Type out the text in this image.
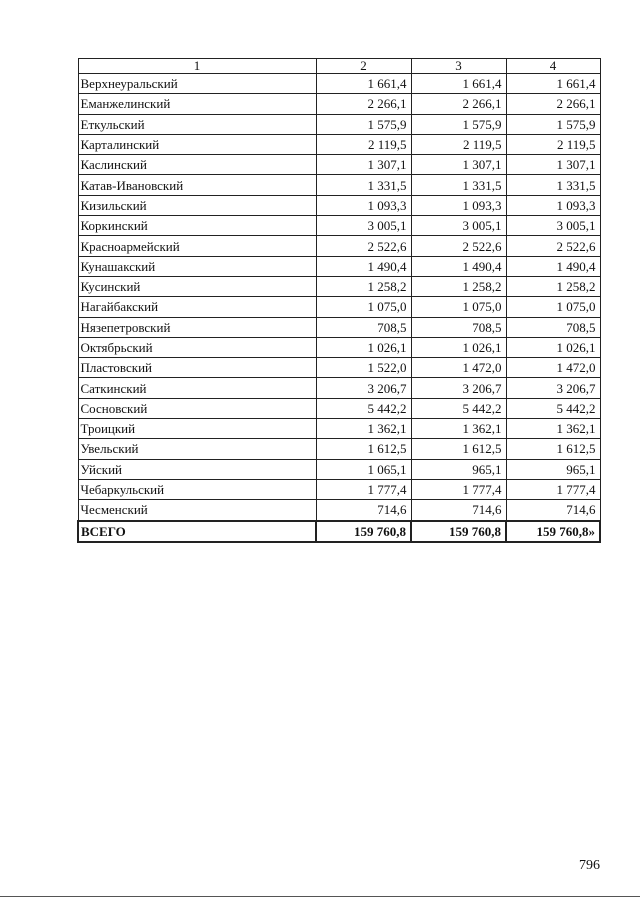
1	2	3	4
Верхнеуральский	1 661,4	1 661,4	1 661,4
Еманжелинский	2 266,1	2 266,1	2 266,1
Еткульский	1 575,9	1 575,9	1 575,9
Карталинский	2 119,5	2 119,5	2 119,5
Каслинский	1 307,1	1 307,1	1 307,1
Катав-Ивановский	1 331,5	1 331,5	1 331,5
Кизильский	1 093,3	1 093,3	1 093,3
Коркинский	3 005,1	3 005,1	3 005,1
Красноармейский	2 522,6	2 522,6	2 522,6
Кунашакский	1 490,4	1 490,4	1 490,4
Кусинский	1 258,2	1 258,2	1 258,2
Нагайбакский	1 075,0	1 075,0	1 075,0
Нязепетровский	708,5	708,5	708,5
Октябрьский	1 026,1	1 026,1	1 026,1
Пластовский	1 522,0	1 472,0	1 472,0
Саткинский	3 206,7	3 206,7	3 206,7
Сосновский	5 442,2	5 442,2	5 442,2
Троицкий	1 362,1	1 362,1	1 362,1
Увельский	1 612,5	1 612,5	1 612,5
Уйский	1 065,1	965,1	965,1
Чебаркульский	1 777,4	1 777,4	1 777,4
Чесменский	714,6	714,6	714,6
ВСЕГО	159 760,8	159 760,8	159 760,8»
796
